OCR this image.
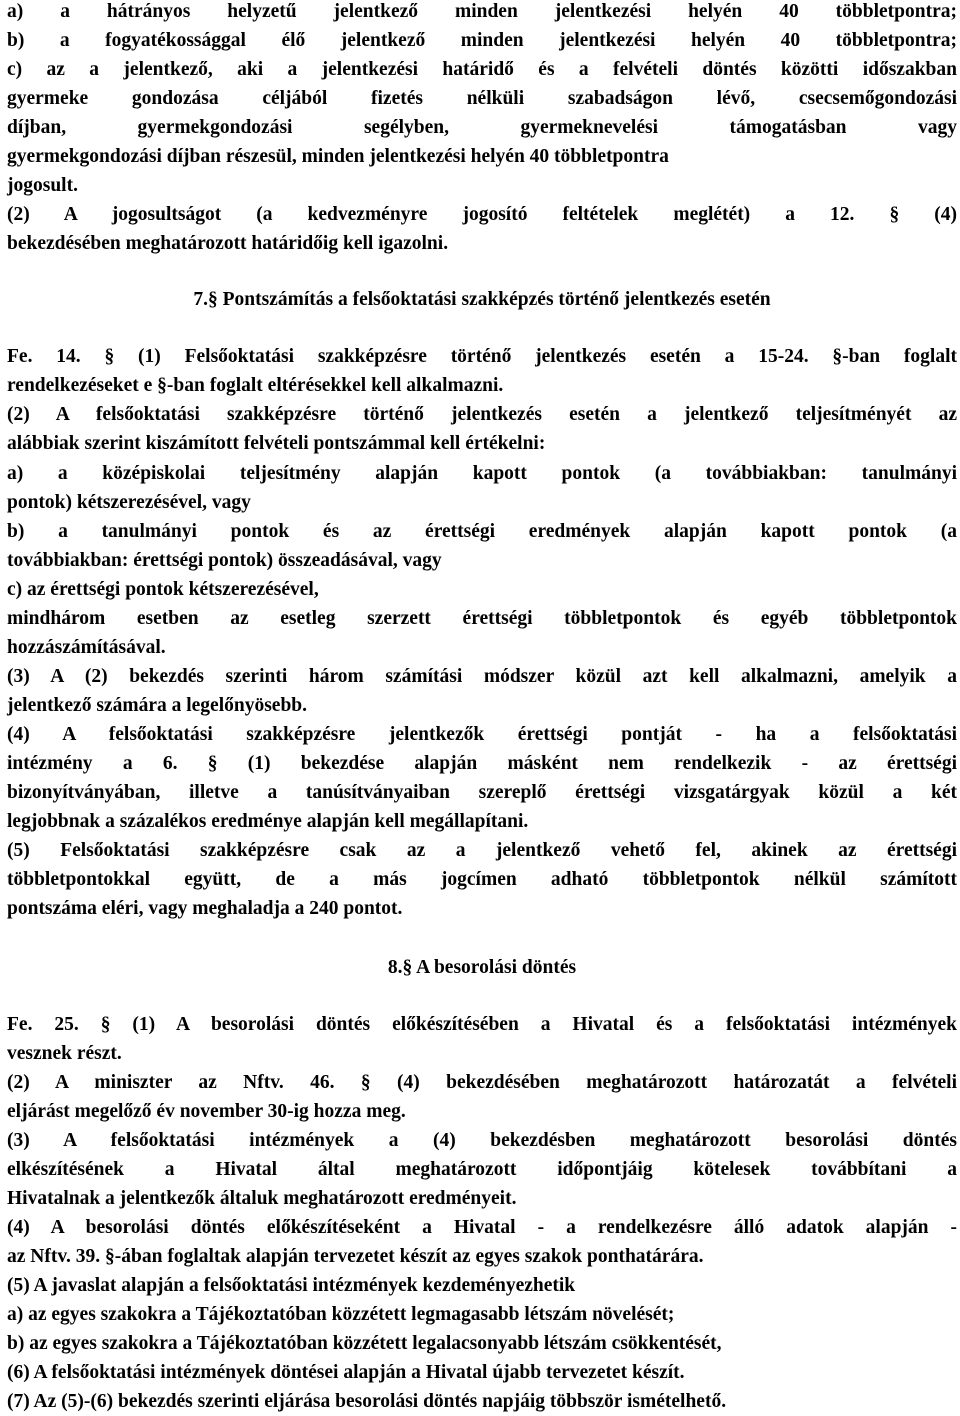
a) a hátrányos helyzetű jelentkező minden jelentkezési helyén 40 többletpontra;
b) a fogyatékossággal élő jelentkező minden jelentkezési helyén 40 többletpontra;
c) az a jelentkező, aki a jelentkezési határidő és a felvételi döntés közötti időszakban
gyermeke gondozása céljából fizetés nélküli szabadságon lévő, csecsemőgondozási
díjban, gyermekgondozási segélyben, gyermeknevelési támogatásban vagy
gyermekgondozási díjban részesül, minden jelentkezési helyén 40 többletpontra
jogosult.
(2) A jogosultságot (a kedvezményre jogosító feltételek meglétét) a 12. § (4)
bekezdésében meghatározott határidőig kell igazolni.
7.§ Pontszámítás a felsőoktatási szakképzés történő jelentkezés esetén
Fe. 14. § (1) Felsőoktatási szakképzésre történő jelentkezés esetén a 15-24. §-ban foglalt
rendelkezéseket e §-ban foglalt eltérésekkel kell alkalmazni.
(2) A felsőoktatási szakképzésre történő jelentkezés esetén a jelentkező teljesítményét az
alábbiak szerint kiszámított felvételi pontszámmal kell értékelni:
a) a középiskolai teljesítmény alapján kapott pontok (a továbbiakban: tanulmányi
pontok) kétszerezésével, vagy
b) a tanulmányi pontok és az érettségi eredmények alapján kapott pontok (a
továbbiakban: érettségi pontok) összeadásával, vagy
c) az érettségi pontok kétszerezésével,
mindhárom esetben az esetleg szerzett érettségi többletpontok és egyéb többletpontok
hozzászámításával.
(3) A (2) bekezdés szerinti három számítási módszer közül azt kell alkalmazni, amelyik a
jelentkező számára a legelőnyösebb.
(4) A felsőoktatási szakképzésre jelentkezők érettségi pontját - ha a felsőoktatási
intézmény a 6. § (1) bekezdése alapján másként nem rendelkezik - az érettségi
bizonyítványában, illetve a tanúsítványaiban szereplő érettségi vizsgatárgyak közül a két
legjobbnak a százalékos eredménye alapján kell megállapítani.
(5) Felsőoktatási szakképzésre csak az a jelentkező vehető fel, akinek az érettségi
többletpontokkal együtt, de a más jogcímen adható többletpontok nélkül számított
pontszáma eléri, vagy meghaladja a 240 pontot.
8.§ A besorolási döntés
Fe. 25. § (1) A besorolási döntés előkészítésében a Hivatal és a felsőoktatási intézmények
vesznek részt.
(2) A miniszter az Nftv. 46. § (4) bekezdésében meghatározott határozatát a felvételi
eljárást megelőző év november 30-ig hozza meg.
(3) A felsőoktatási intézmények a (4) bekezdésben meghatározott besorolási döntés
elkészítésének a Hivatal által meghatározott időpontjáig kötelesek továbbítani a
Hivatalnak a jelentkezők általuk meghatározott eredményeit.
(4) A besorolási döntés előkészítéseként a Hivatal - a rendelkezésre álló adatok alapján -
az Nftv. 39. §-ában foglaltak alapján tervezetet készít az egyes szakok ponthatárára.
(5) A javaslat alapján a felsőoktatási intézmények kezdeményezhetik
a) az egyes szakokra a Tájékoztatóban közzétett legmagasabb létszám növelését;
b) az egyes szakokra a Tájékoztatóban közzétett legalacsonyabb létszám csökkentését,
(6) A felsőoktatási intézmények döntései alapján a Hivatal újabb tervezetet készít.
(7) Az (5)-(6) bekezdés szerinti eljárása besorolási döntés napjáig többször ismételhető.
